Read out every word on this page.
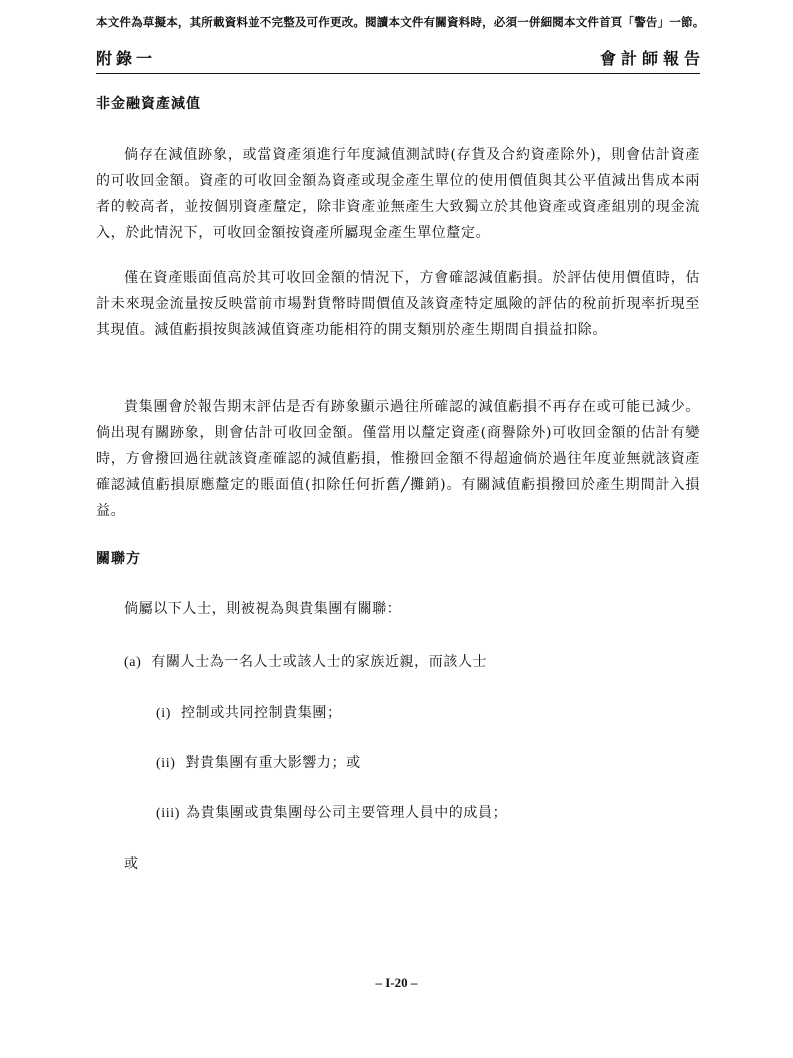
本文件為草擬本，其所載資料並不完整及可作更改。閱讀本文件有關資料時，必須一併細閱本文件首頁「警告」一節。
附錄一	會計師報告
非金融資產減值
倘存在減值跡象，或當資產須進行年度減值測試時(存貨及合約資產除外)，則會估計資產的可收回金額。資產的可收回金額為資產或現金產生單位的使用價值與其公平值減出售成本兩者的較高者，並按個別資產釐定，除非資產並無產生大致獨立於其他資產或資產組別的現金流入，於此情況下，可收回金額按資產所屬現金產生單位釐定。
僅在資產賬面值高於其可收回金額的情況下，方會確認減值虧損。於評估使用價值時，估計未來現金流量按反映當前市場對貨幣時間價值及該資產特定風險的評估的稅前折現率折現至其現值。減值虧損按與該減值資產功能相符的開支類別於產生期間自損益扣除。
貴集團會於報告期末評估是否有跡象顯示過往所確認的減值虧損不再存在或可能已減少。倘出現有關跡象，則會估計可收回金額。僅當用以釐定資產(商譽除外)可收回金額的估計有變時，方會撥回過往就該資產確認的減值虧損，惟撥回金額不得超逾倘於過往年度並無就該資產確認減值虧損原應釐定的賬面值(扣除任何折舊╱攤銷)。有關減值虧損撥回於產生期間計入損益。
關聯方
倘屬以下人士，則被視為與貴集團有關聯：
(a) 有關人士為一名人士或該人士的家族近親，而該人士
(i) 控制或共同控制貴集團；
(ii) 對貴集團有重大影響力；或
(iii) 為貴集團或貴集團母公司主要管理人員中的成員；
或
– I-20 –
